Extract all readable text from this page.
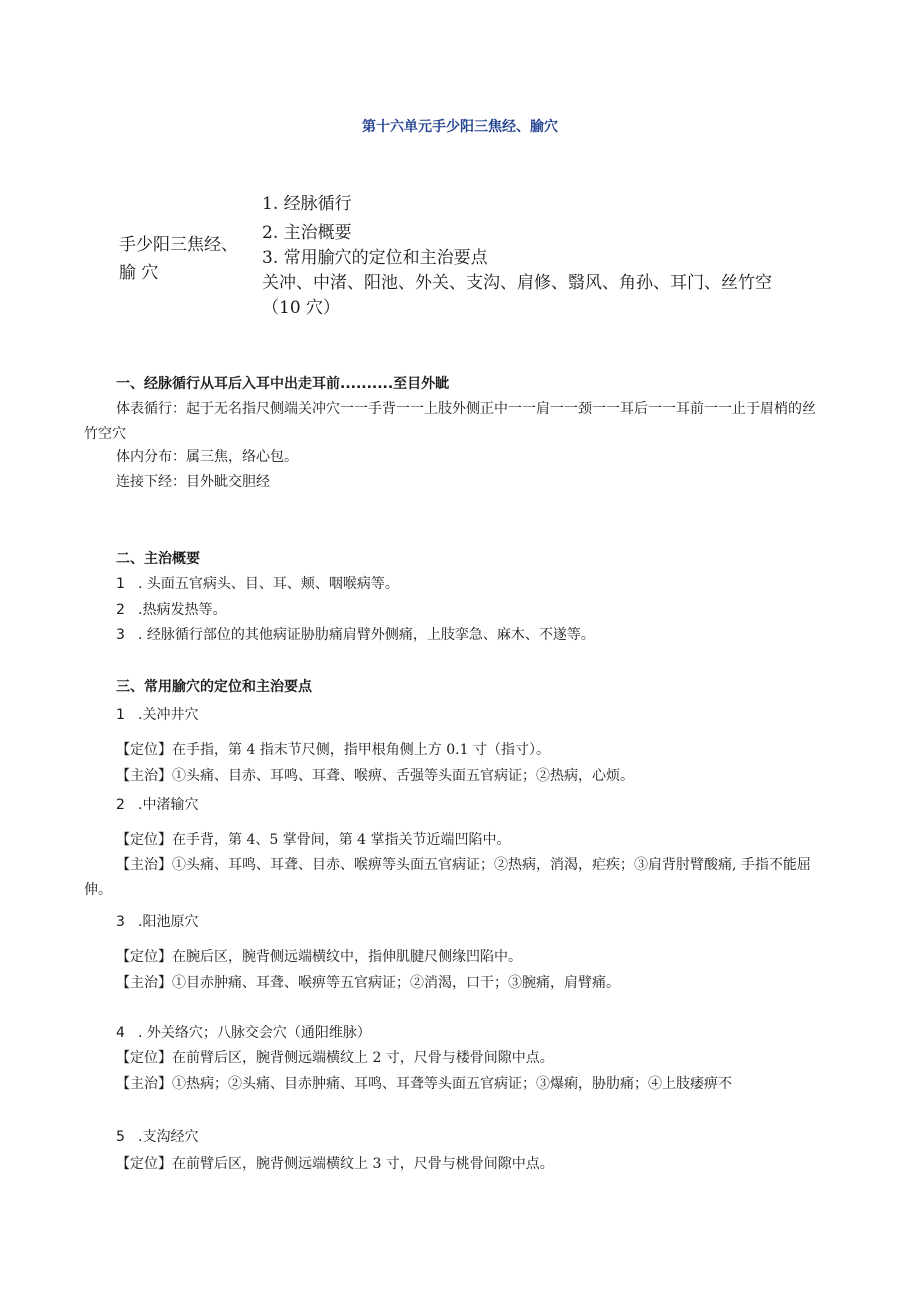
第十六单元手少阳三焦经、腧穴
手少阳三焦经、
腧 穴
1. 经脉循行
2. 主治概要
3. 常用腧穴的定位和主治要点
关冲、中渚、阳池、外关、支沟、肩修、翳风、角孙、耳门、丝竹空
（10 穴）
一、经脉循行从耳后入耳中出走耳前..........至目外眦
体表循行：起于无名指尺侧端关冲穴一一手背一一上肢外侧正中一一肩一一颈一一耳后一一耳前一一止于眉梢的丝竹空穴
体内分布：属三焦，络心包。
连接下经：目外眦交胆经
二、主治概要
1 . 头面五官病头、目、耳、颊、咽喉病等。
2 .热病发热等。
3 . 经脉循行部位的其他病证胁肋痛肩臂外侧痛，上肢挛急、麻木、不遂等。
三、常用腧穴的定位和主治要点
1 .关冲井穴
【定位】在手指，第 4 指末节尺侧，指甲根角侧上方 0.1 寸（指寸）。
【主治】①头痛、目赤、耳鸣、耳聋、喉痹、舌强等头面五官病证；②热病，心烦。
2 .中渚输穴
【定位】在手背，第 4、5 掌骨间，第 4 掌指关节近端凹陷中。
【主治】①头痛、耳鸣、耳聋、目赤、喉痹等头面五官病证；②热病，消渴，疟疾；③肩背肘臂酸痛, 手指不能屈伸。
3 .阳池原穴
【定位】在腕后区，腕背侧远端横纹中，指伸肌腱尺侧缘凹陷中。
【主治】①目赤肿痛、耳聋、喉痹等五官病证；②消渴，口干；③腕痛，肩臂痛。
4 . 外关络穴；八脉交会穴（通阳维脉）
【定位】在前臂后区，腕背侧远端横纹上 2 寸，尺骨与楼骨间隙中点。
【主治】①热病；②头痛、目赤肿痛、耳鸣、耳聋等头面五官病证；③爆痢，胁肋痛；④上肢痿痹不
5 .支沟经穴
【定位】在前臂后区，腕背侧远端横纹上 3 寸，尺骨与桃骨间隙中点。
